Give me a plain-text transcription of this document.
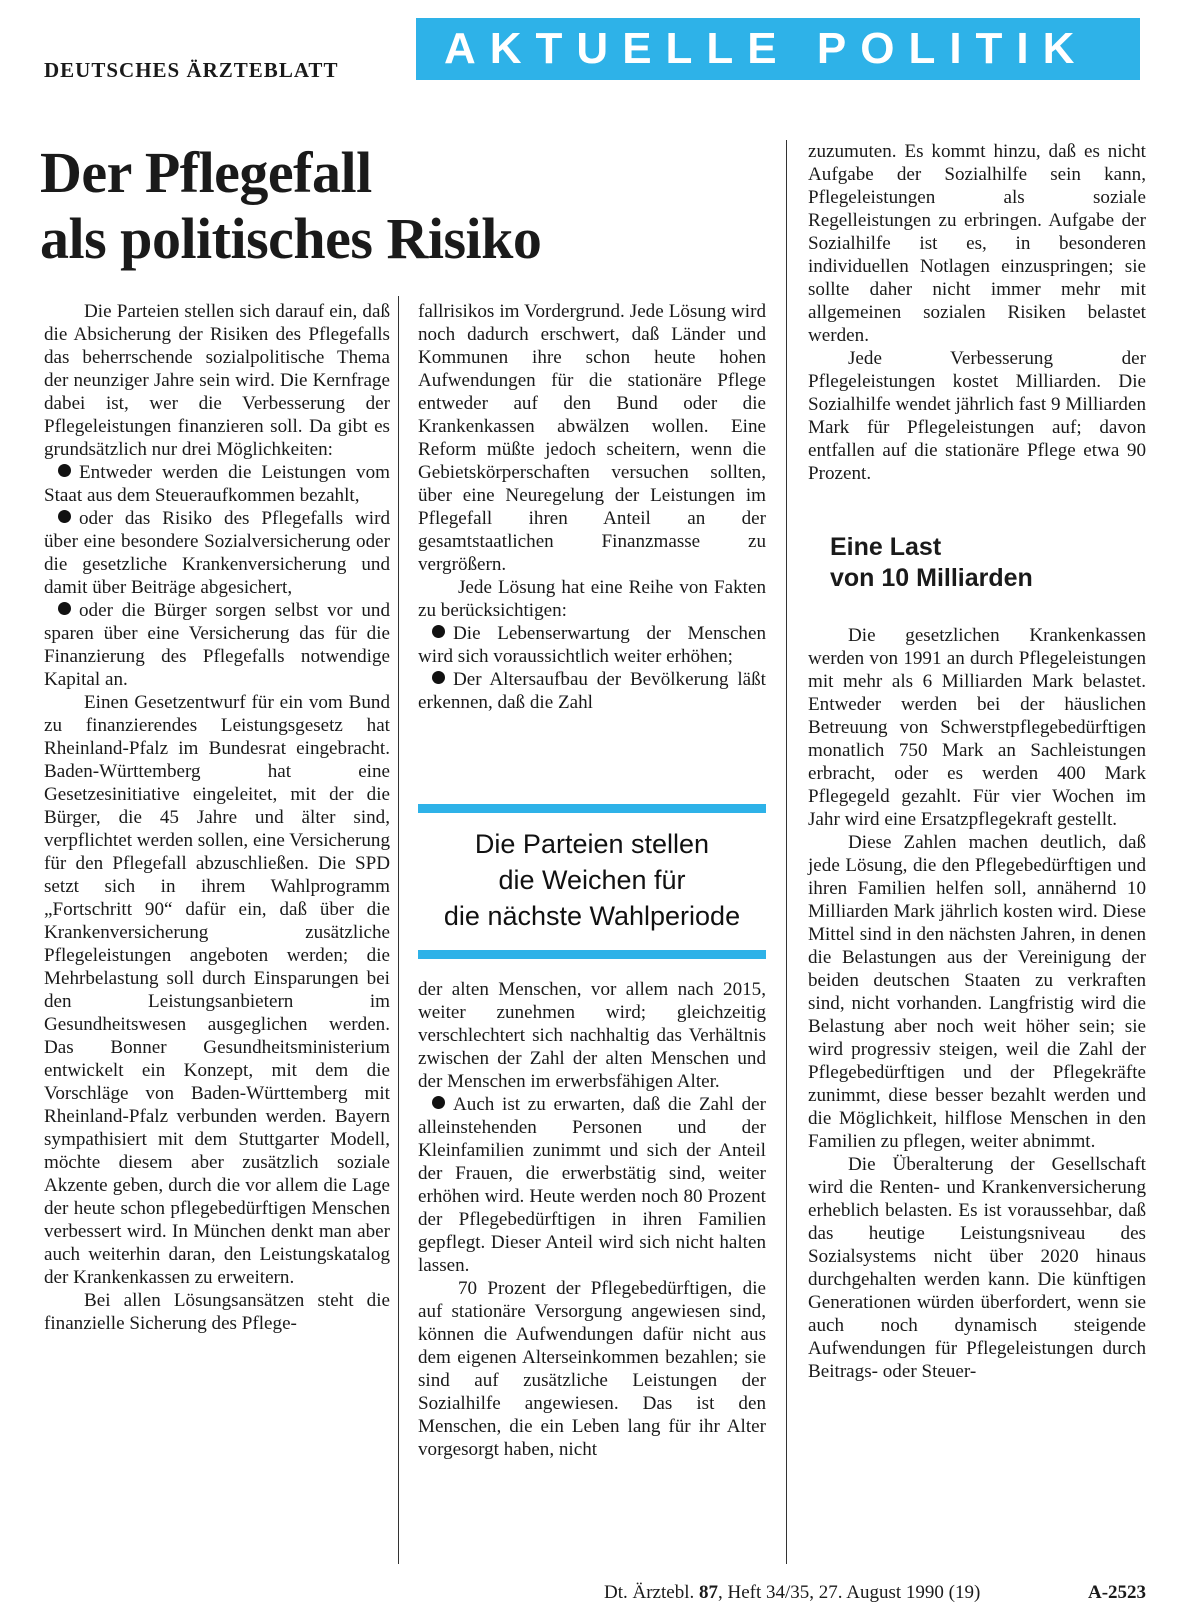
DEUTSCHES ÄRZTEBLATT	AKTUELLE POLITIK
Der Pflegefall
als politisches Risiko

Die Parteien stellen sich darauf ein, daß die Absicherung der Risiken des Pflegefalls das beherrschende sozialpolitische Thema der neunziger Jahre sein wird. Die Kernfrage dabei ist, wer die Verbesserung der Pflegeleistungen finanzieren soll. Da gibt es grundsätzlich nur drei Möglichkeiten:

Entweder werden die Leistungen vom Staat aus dem Steueraufkommen bezahlt,

oder das Risiko des Pflegefalls wird über eine besondere Sozialversicherung oder die gesetzliche Krankenversicherung und damit über Beiträge abgesichert,

oder die Bürger sorgen selbst vor und sparen über eine Versicherung das für die Finanzierung des Pflegefalls notwendige Kapital an.

Einen Gesetzentwurf für ein vom Bund zu finanzierendes Leistungsgesetz hat Rheinland-Pfalz im Bundesrat eingebracht. Baden-Württemberg hat eine Gesetzesinitiative eingeleitet, mit der die Bürger, die 45 Jahre und älter sind, verpflichtet werden sollen, eine Versicherung für den Pflegefall abzuschließen. Die SPD setzt sich in ihrem Wahlprogramm „Fortschritt 90“ dafür ein, daß über die Krankenversicherung zusätzliche Pflegeleistungen angeboten werden; die Mehrbelastung soll durch Einsparungen bei den Leistungsanbietern im Gesundheitswesen ausgeglichen werden. Das Bonner Gesundheitsministerium entwickelt ein Konzept, mit dem die Vorschläge von Baden-Württemberg mit Rheinland-Pfalz verbunden werden. Bayern sympathisiert mit dem Stuttgarter Modell, möchte diesem aber zusätzlich soziale Akzente geben, durch die vor allem die Lage der heute schon pflegebedürftigen Menschen verbessert wird. In München denkt man aber auch weiterhin daran, den Leistungskatalog der Krankenkassen zu erweitern.

Bei allen Lösungsansätzen steht die finanzielle Sicherung des Pflege-

fallrisikos im Vordergrund. Jede Lösung wird noch dadurch erschwert, daß Länder und Kommunen ihre schon heute hohen Aufwendungen für die stationäre Pflege entweder auf den Bund oder die Krankenkassen abwälzen wollen. Eine Reform müßte jedoch scheitern, wenn die Gebietskörperschaften versuchen sollten, über eine Neuregelung der Leistungen im Pflegefall ihren Anteil an der gesamtstaatlichen Finanzmasse zu vergrößern.

Jede Lösung hat eine Reihe von Fakten zu berücksichtigen:

Die Lebenserwartung der Menschen wird sich voraussichtlich weiter erhöhen;

Der Altersaufbau der Bevölkerung läßt erkennen, daß die Zahl

Die Parteien stellen
die Weichen für
die nächste Wahlperiode

der alten Menschen, vor allem nach 2015, weiter zunehmen wird; gleichzeitig verschlechtert sich nachhaltig das Verhältnis zwischen der Zahl der alten Menschen und der Menschen im erwerbsfähigen Alter.

Auch ist zu erwarten, daß die Zahl der alleinstehenden Personen und der Kleinfamilien zunimmt und sich der Anteil der Frauen, die erwerbstätig sind, weiter erhöhen wird. Heute werden noch 80 Prozent der Pflegebedürftigen in ihren Familien gepflegt. Dieser Anteil wird sich nicht halten lassen.

70 Prozent der Pflegebedürftigen, die auf stationäre Versorgung angewiesen sind, können die Aufwendungen dafür nicht aus dem eigenen Alterseinkommen bezahlen; sie sind auf zusätzliche Leistungen der Sozialhilfe angewiesen. Das ist den Menschen, die ein Leben lang für ihr Alter vorgesorgt haben, nicht

zuzumuten. Es kommt hinzu, daß es nicht Aufgabe der Sozialhilfe sein kann, Pflegeleistungen als soziale Regelleistungen zu erbringen. Aufgabe der Sozialhilfe ist es, in besonderen individuellen Notlagen einzuspringen; sie sollte daher nicht immer mehr mit allgemeinen sozialen Risiken belastet werden.

Jede Verbesserung der Pflegeleistungen kostet Milliarden. Die Sozialhilfe wendet jährlich fast 9 Milliarden Mark für Pflegeleistungen auf; davon entfallen auf die stationäre Pflege etwa 90 Prozent.

Eine Last
von 10 Milliarden

Die gesetzlichen Krankenkassen werden von 1991 an durch Pflegeleistungen mit mehr als 6 Milliarden Mark belastet. Entweder werden bei der häuslichen Betreuung von Schwerstpflegebedürftigen monatlich 750 Mark an Sachleistungen erbracht, oder es werden 400 Mark Pflegegeld gezahlt. Für vier Wochen im Jahr wird eine Ersatzpflegekraft gestellt.

Diese Zahlen machen deutlich, daß jede Lösung, die den Pflegebedürftigen und ihren Familien helfen soll, annähernd 10 Milliarden Mark jährlich kosten wird. Diese Mittel sind in den nächsten Jahren, in denen die Belastungen aus der Vereinigung der beiden deutschen Staaten zu verkraften sind, nicht vorhanden. Langfristig wird die Belastung aber noch weit höher sein; sie wird progressiv steigen, weil die Zahl der Pflegebedürftigen und der Pflegekräfte zunimmt, diese besser bezahlt werden und die Möglichkeit, hilflose Menschen in den Familien zu pflegen, weiter abnimmt.

Die Überalterung der Gesellschaft wird die Renten- und Krankenversicherung erheblich belasten. Es ist voraussehbar, daß das heutige Leistungsniveau des Sozialsystems nicht über 2020 hinaus durchgehalten werden kann. Die künftigen Generationen würden überfordert, wenn sie auch noch dynamisch steigende Aufwendungen für Pflegeleistungen durch Beitrags- oder Steuer-

Dt. Ärztebl. 87, Heft 34/35, 27. August 1990 (19)	A-2523
